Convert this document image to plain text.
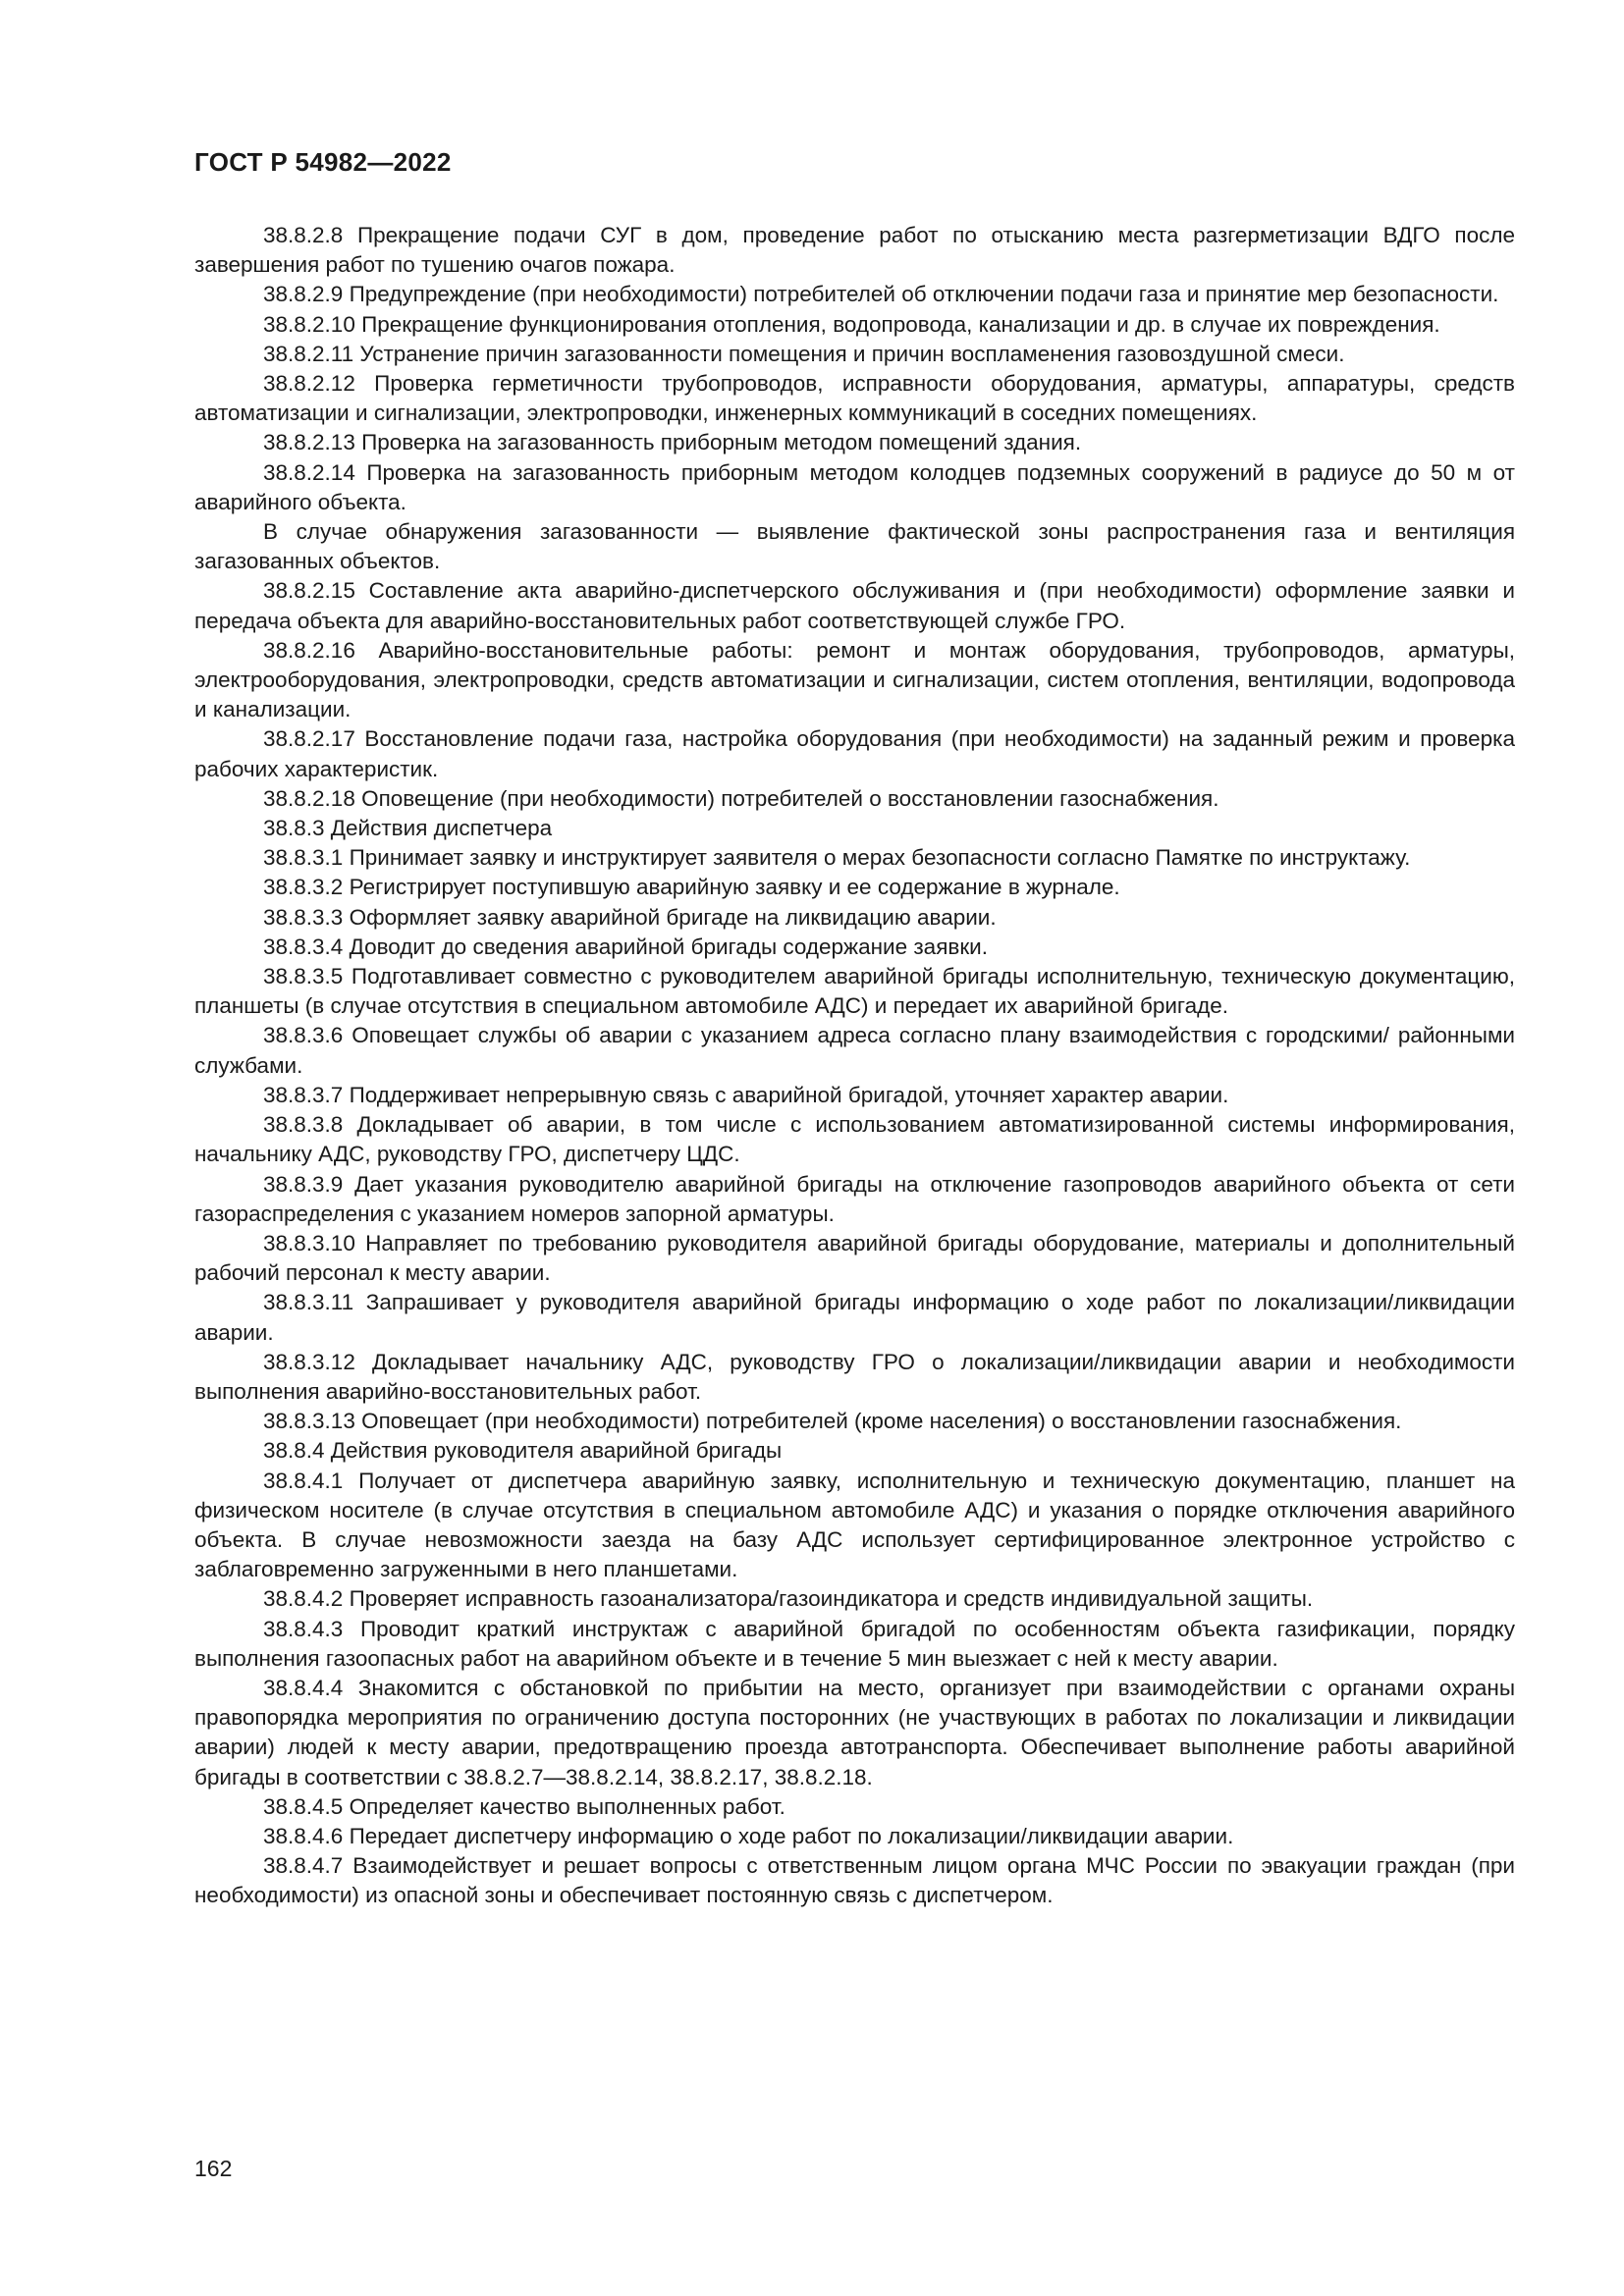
ГОСТ Р 54982—2022

38.8.2.8 Прекращение подачи СУГ в дом, проведение работ по отысканию места разгерметизации ВДГО после завершения работ по тушению очагов пожара.

38.8.2.9 Предупреждение (при необходимости) потребителей об отключении подачи газа и принятие мер безопасности.

38.8.2.10 Прекращение функционирования отопления, водопровода, канализации и др. в случае их повреждения.

38.8.2.11 Устранение причин загазованности помещения и причин воспламенения газовоздушной смеси.

38.8.2.12 Проверка герметичности трубопроводов, исправности оборудования, арматуры, аппаратуры, средств автоматизации и сигнализации, электропроводки, инженерных коммуникаций в соседних помещениях.

38.8.2.13 Проверка на загазованность приборным методом помещений здания.

38.8.2.14 Проверка на загазованность приборным методом колодцев подземных сооружений в радиусе до 50 м от аварийного объекта.

В случае обнаружения загазованности — выявление фактической зоны распространения газа и вентиляция загазованных объектов.

38.8.2.15 Составление акта аварийно-диспетчерского обслуживания и (при необходимости) оформление заявки и передача объекта для аварийно-восстановительных работ соответствующей службе ГРО.

38.8.2.16 Аварийно-восстановительные работы: ремонт и монтаж оборудования, трубопроводов, арматуры, электрооборудования, электропроводки, средств автоматизации и сигнализации, систем отопления, вентиляции, водопровода и канализации.

38.8.2.17 Восстановление подачи газа, настройка оборудования (при необходимости) на заданный режим и проверка рабочих характеристик.

38.8.2.18 Оповещение (при необходимости) потребителей о восстановлении газоснабжения.

38.8.3 Действия диспетчера

38.8.3.1 Принимает заявку и инструктирует заявителя о мерах безопасности согласно Памятке по инструктажу.

38.8.3.2 Регистрирует поступившую аварийную заявку и ее содержание в журнале.

38.8.3.3 Оформляет заявку аварийной бригаде на ликвидацию аварии.

38.8.3.4 Доводит до сведения аварийной бригады содержание заявки.

38.8.3.5 Подготавливает совместно с руководителем аварийной бригады исполнительную, техническую документацию, планшеты (в случае отсутствия в специальном автомобиле АДС) и передает их аварийной бригаде.

38.8.3.6 Оповещает службы об аварии с указанием адреса согласно плану взаимодействия с городскими/ районными службами.

38.8.3.7 Поддерживает непрерывную связь с аварийной бригадой, уточняет характер аварии.

38.8.3.8 Докладывает об аварии, в том числе с использованием автоматизированной системы информирования, начальнику АДС, руководству ГРО, диспетчеру ЦДС.

38.8.3.9 Дает указания руководителю аварийной бригады на отключение газопроводов аварийного объекта от сети газораспределения с указанием номеров запорной арматуры.

38.8.3.10 Направляет по требованию руководителя аварийной бригады оборудование, материалы и дополнительный рабочий персонал к месту аварии.

38.8.3.11 Запрашивает у руководителя аварийной бригады информацию о ходе работ по локализации/ликвидации аварии.

38.8.3.12 Докладывает начальнику АДС, руководству ГРО о локализации/ликвидации аварии и необходимости выполнения аварийно-восстановительных работ.

38.8.3.13 Оповещает (при необходимости) потребителей (кроме населения) о восстановлении газоснабжения.

38.8.4 Действия руководителя аварийной бригады

38.8.4.1 Получает от диспетчера аварийную заявку, исполнительную и техническую документацию, планшет на физическом носителе (в случае отсутствия в специальном автомобиле АДС) и указания о порядке отключения аварийного объекта. В случае невозможности заезда на базу АДС использует сертифицированное электронное устройство с заблаговременно загруженными в него планшетами.

38.8.4.2 Проверяет исправность газоанализатора/газоиндикатора и средств индивидуальной защиты.

38.8.4.3 Проводит краткий инструктаж с аварийной бригадой по особенностям объекта газификации, порядку выполнения газоопасных работ на аварийном объекте и в течение 5 мин выезжает с ней к месту аварии.

38.8.4.4 Знакомится с обстановкой по прибытии на место, организует при взаимодействии с органами охраны правопорядка мероприятия по ограничению доступа посторонних (не участвующих в работах по локализации и ликвидации аварии) людей к месту аварии, предотвращению проезда автотранспорта. Обеспечивает выполнение работы аварийной бригады в соответствии с 38.8.2.7—38.8.2.14, 38.8.2.17, 38.8.2.18.

38.8.4.5 Определяет качество выполненных работ.

38.8.4.6 Передает диспетчеру информацию о ходе работ по локализации/ликвидации аварии.

38.8.4.7 Взаимодействует и решает вопросы с ответственным лицом органа МЧС России по эвакуации граждан (при необходимости) из опасной зоны и обеспечивает постоянную связь с диспетчером.

162
